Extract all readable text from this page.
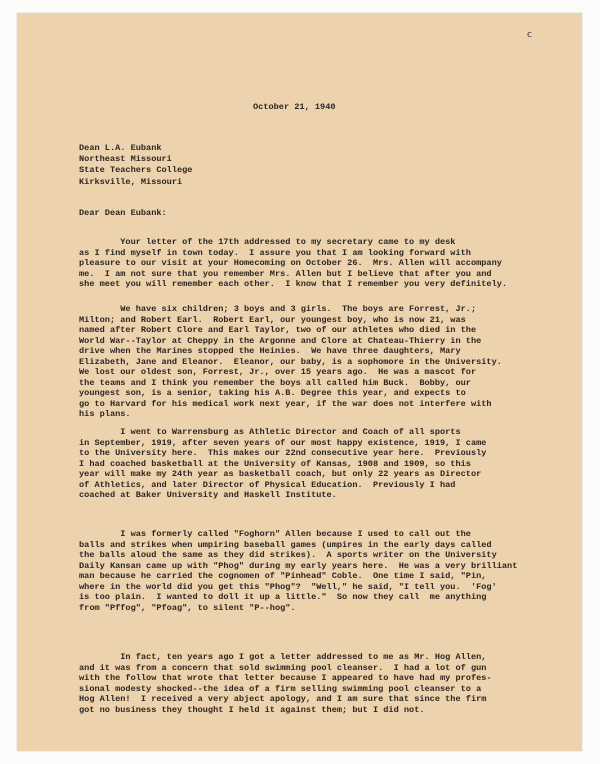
c
October 21, 1940
Dean L.A. Eubank
Northeast Missouri
State Teachers College
Kirksville, Missouri
Dear Dean Eubank:
Your letter of the 17th addressed to my secretary came to my desk
as I find myself in town today.  I assure you that I am looking forward with
pleasure to our visit at your Homecoming on October 26.  Mrs. Allen will accompany
me.  I am not sure that you remember Mrs. Allen but I believe that after you and
she meet you will remember each other.  I know that I remember you very definitely.
We have six children; 3 boys and 3 girls.  The boys are Forrest, Jr.;
Milton; and Robert Earl.  Robert Earl, our youngest boy, who is now 21, was
named after Robert Clore and Earl Taylor, two of our athletes who died in the
World War--Taylor at Cheppy in the Argonne and Clore at Chateau-Thierry in the
drive when the Marines stopped the Heinies.  We have three daughters, Mary
Elizabeth, Jane and Eleanor.  Eleanor, our baby, is a sophomore in the University.
We lost our oldest son, Forrest, Jr., over 15 years ago.  He was a mascot for
the teams and I think you remember the boys all called him Buck.  Bobby, our
youngest son, is a senior, taking his A.B. Degree this year, and expects to
go to Harvard for his medical work next year, if the war does not interfere with
his plans.
I went to Warrensburg as Athletic Director and Coach of all sports
in September, 1919, after seven years of our most happy existence, 1919, I came
to the University here.  This makes our 22nd consecutive year here.  Previously
I had coached basketball at the University of Kansas, 1908 and 1909, so this
year will make my 24th year as basketball coach, but only 22 years as Director
of Athletics, and later Director of Physical Education.  Previously I had
coached at Baker University and Haskell Institute.
I was formerly called "Foghorn" Allen because I used to call out the
balls and strikes when umpiring baseball games (umpires in the early days called
the balls aloud the same as they did strikes).  A sports writer on the University
Daily Kansan came up with "Phog" during my early years here.  He was a very brilliant
man because he carried the cognomen of "Pinhead" Coble.  One time I said, "Pin,
where in the world did you get this "Phog"?  "Well," he said, "I tell you.  'Fog'
is too plain.  I wanted to doll it up a little."  So now they call  me anything
from "Pffog", "Pfoag", to silent "P--hog".
In fact, ten years ago I got a letter addressed to me as Mr. Hog Allen,
and it was from a concern that sold swimming pool cleanser.  I had a lot of gun
with the follow that wrote that letter because I appeared to have had my profes-
sional modesty shocked--the idea of a firm selling swimming pool cleanser to a
Hog Allen!  I received a very abject apology, and I am sure that since the firm
got no business they thought I held it against them; but I did not.
